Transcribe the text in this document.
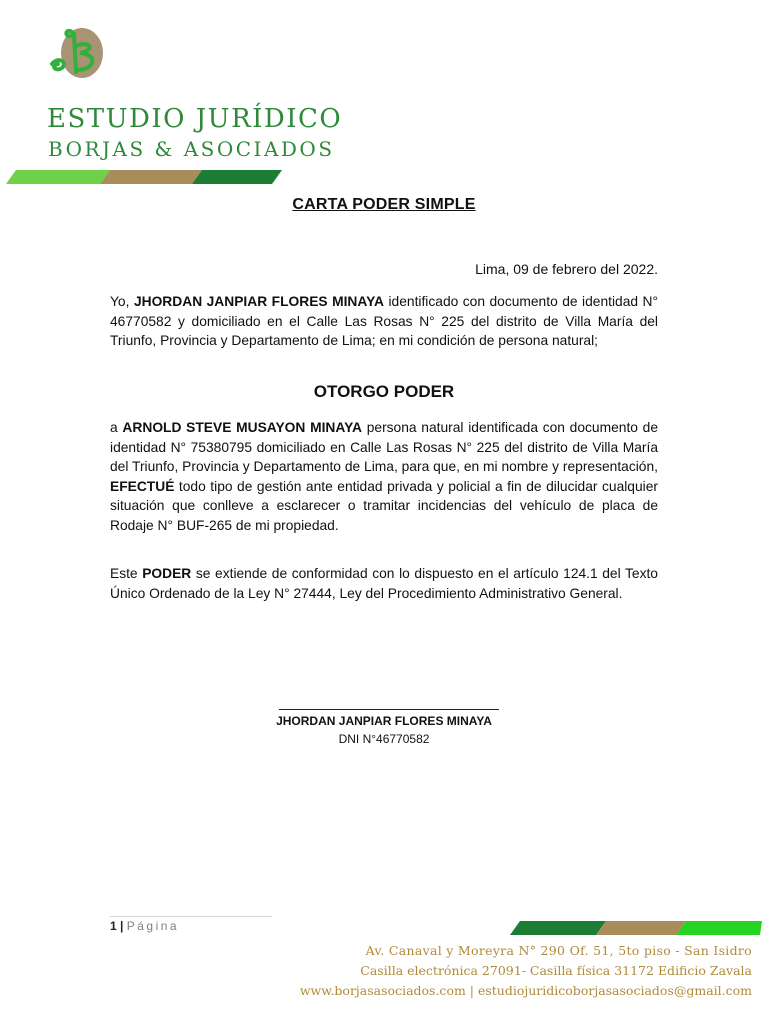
ESTUDIO JURÍDICO
BORJAS & ASOCIADOS
CARTA PODER SIMPLE
Lima, 09 de febrero del 2022.
Yo, JHORDAN JANPIAR FLORES MINAYA identificado con documento de identidad N° 46770582 y domiciliado en el Calle Las Rosas N° 225 del distrito de Villa María del Triunfo, Provincia y Departamento de Lima; en mi condición de persona natural;
OTORGO PODER
a ARNOLD STEVE MUSAYON MINAYA persona natural identificada con documento de identidad N° 75380795 domiciliado en Calle Las Rosas N° 225 del distrito de Villa María del Triunfo, Provincia y Departamento de Lima, para que, en mi nombre y representación, EFECTUÉ todo tipo de gestión ante entidad privada y policial a fin de dilucidar cualquier situación que conlleve a esclarecer o tramitar incidencias del vehículo de placa de Rodaje N° BUF-265 de mi propiedad.
Este PODER se extiende de conformidad con lo dispuesto en el artículo 124.1 del Texto Único Ordenado de la Ley N° 27444, Ley del Procedimiento Administrativo General.
JHORDAN JANPIAR FLORES MINAYA
DNI N°46770582
1 | Página
Av. Canaval y Moreyra N° 290 Of. 51, 5to piso - San Isidro
Casilla electrónica 27091- Casilla física 31172 Edificio Zavala
www.borjasasociados.com | estudiojuridicoborjasasociados@gmail.com
